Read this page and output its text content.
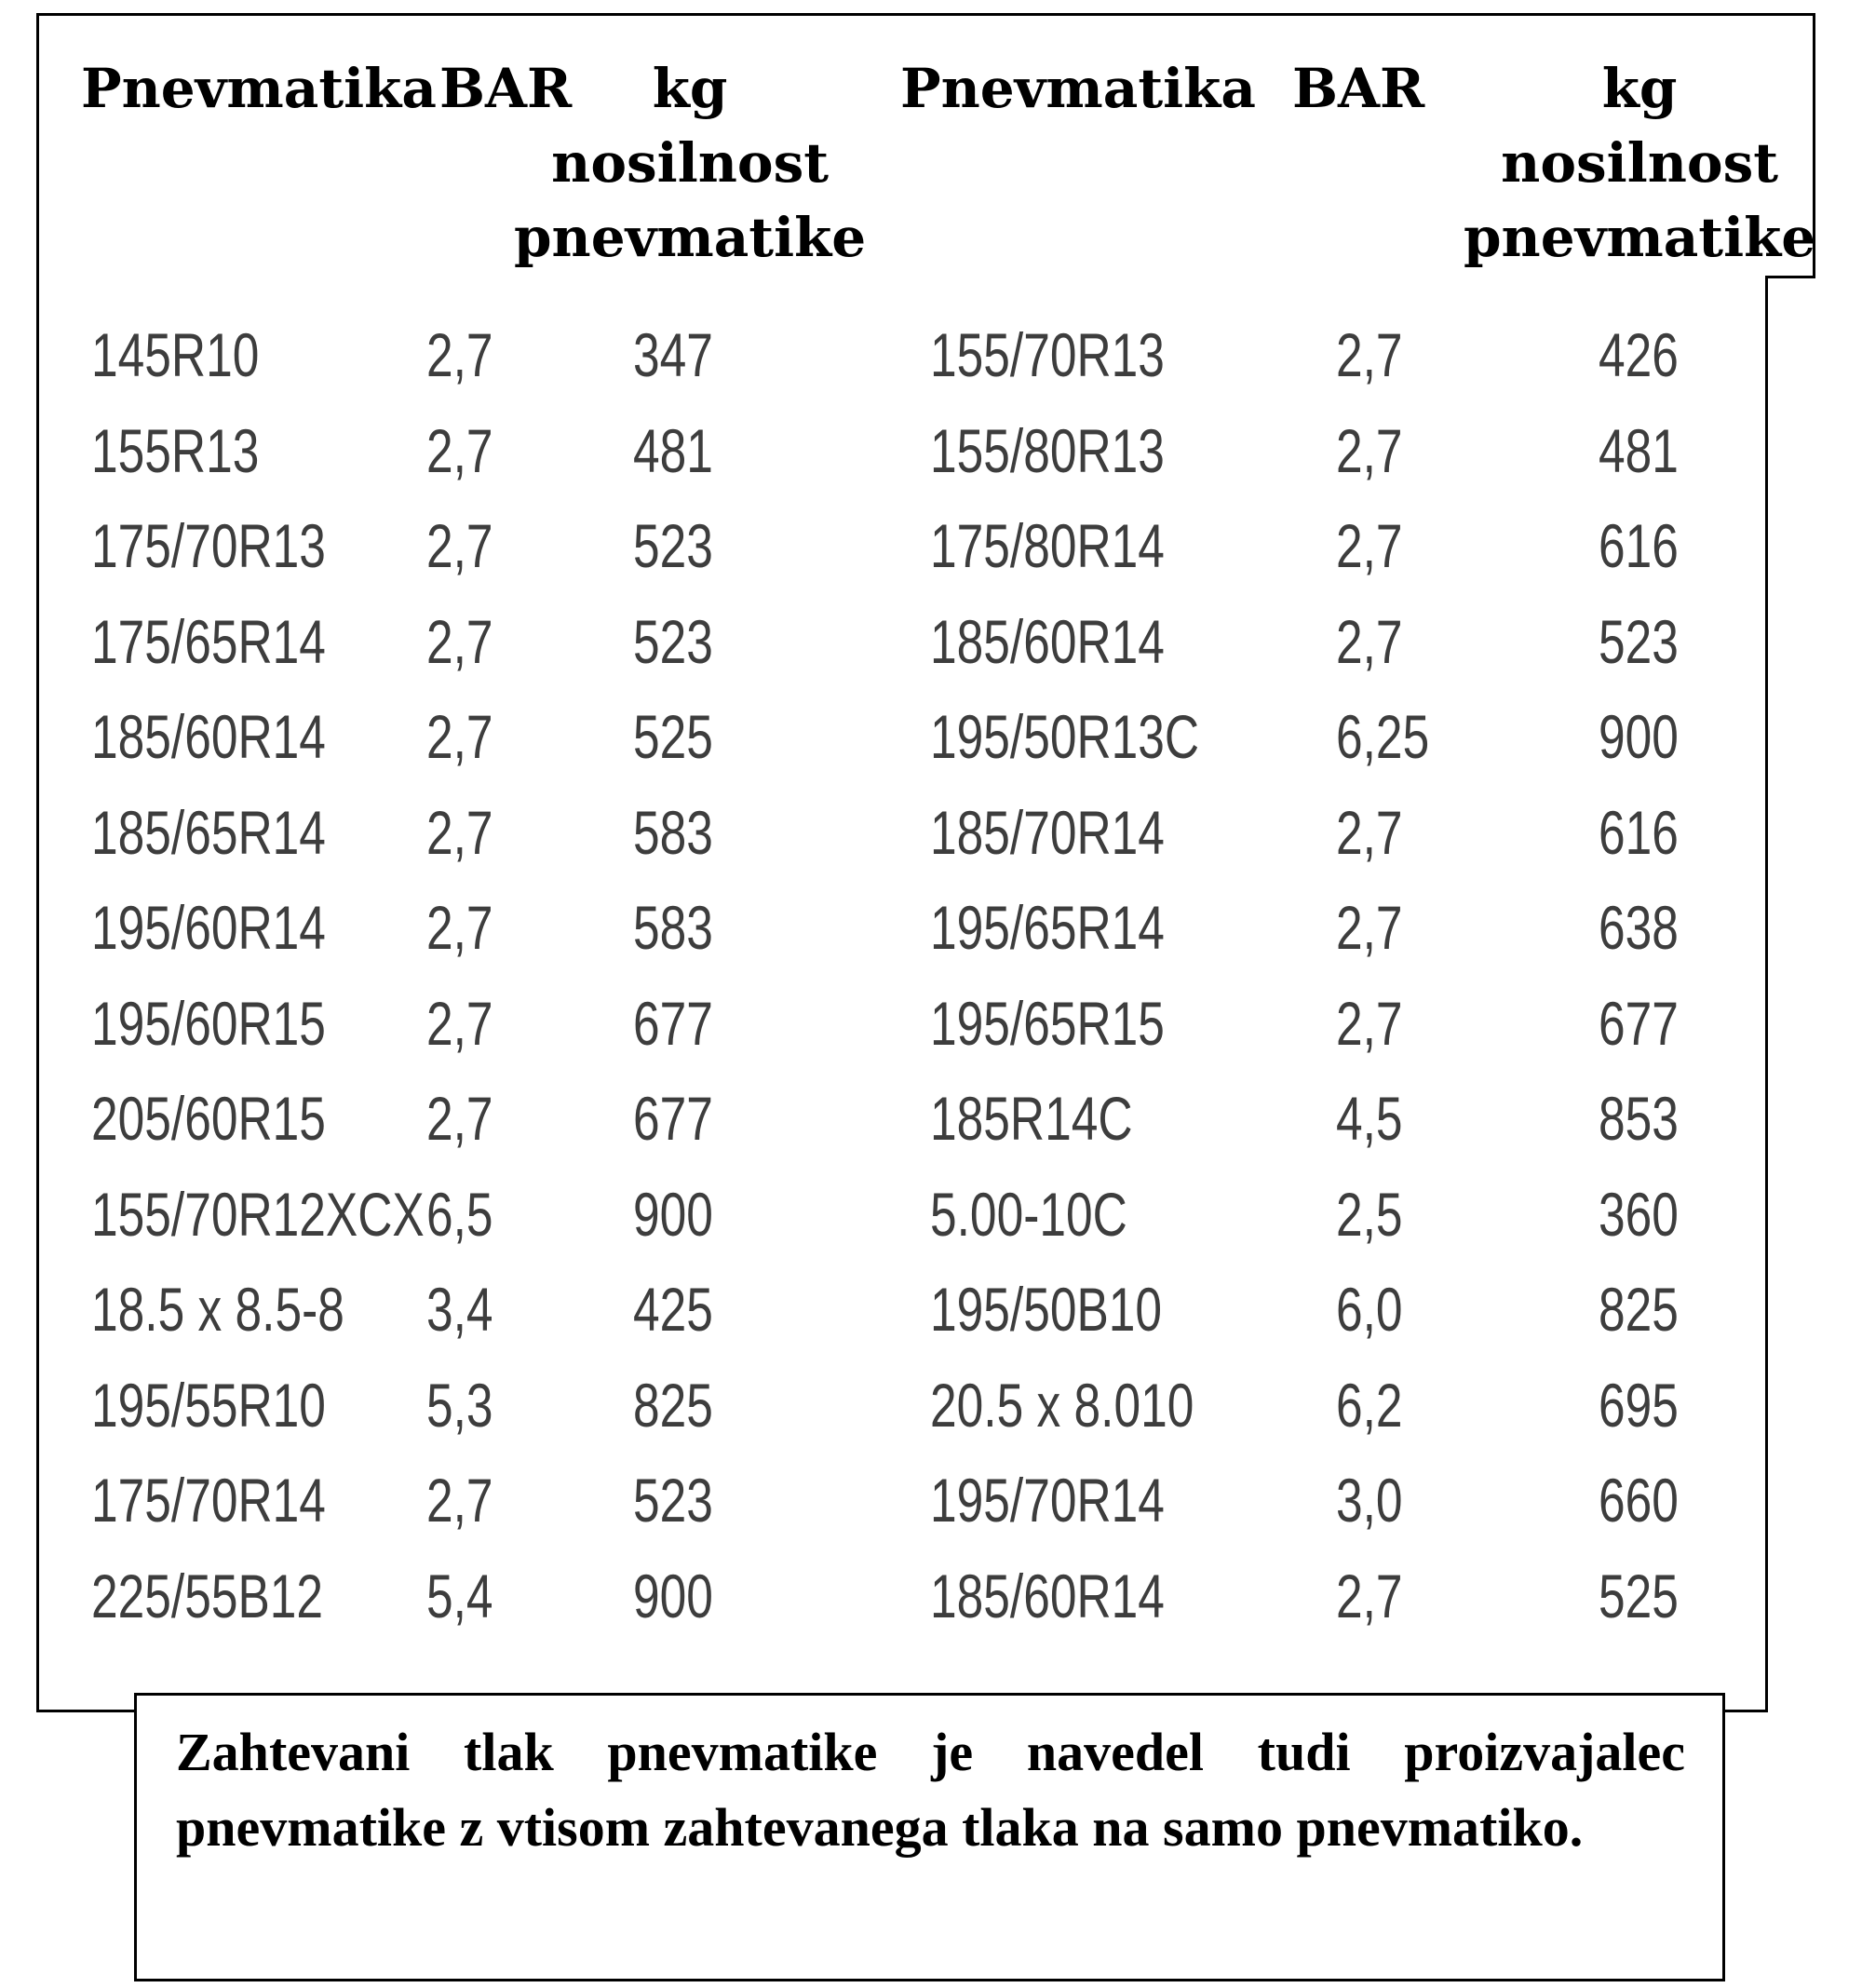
Pnevmatika BAR	kg
nosilnost
pnevmatike
Pnevmatika BAR	kg
nosilnost
pnevmatike
145R10	2,7 347	155/70R13	2,7	426
155R13	2,7 481	155/80R13	2,7	481
175/70R13 2,7 523	175/80R14	2,7	616
175/65R14 2,7 523	185/60R14	2,7	523
185/60R14 2,7 525	195/50R13C 6,25	900
185/65R14 2,7 583	185/70R14	2,7	616
195/60R14 2,7 583	195/65R14	2,7	638
195/60R15 2,7 677	195/65R15	2,7	677
205/60R15 2,7 677	185R14C	4,5	853
155/70R12XCX 6,5 900	5.00-10C	2,5	360
18.5 x 8.5-8 3,4 425	195/50B10	6,0	825
195/55R10 5,3 825	20.5 x 8.010 6,2	695
175/70R14 2,7 523	195/70R14	3,0	660
225/55B12 5,4 900	185/60R14	2,7	525

Zahtevani tlak pnevmatike je navedel tudi proizvajalec pnevmatike z vtisom zahtevanega tlaka na samo pnevmatiko.
